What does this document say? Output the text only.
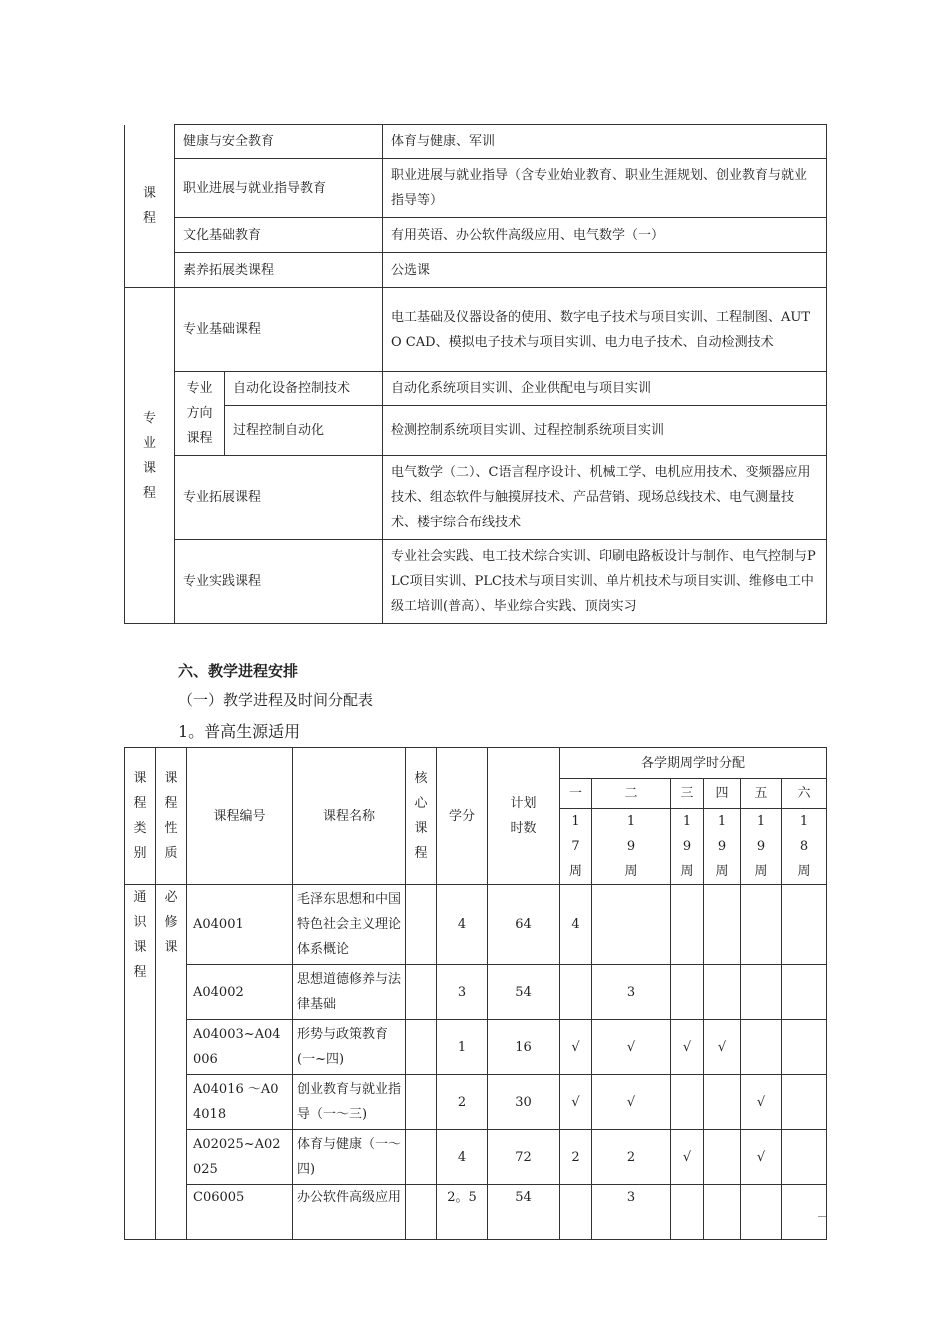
课程	健康与安全教育		体育与健康、军训
	职业进展与就业指导教育		职业进展与就业指导（含专业始业教育、职业生涯规划、创业教育与就业指导等）
	文化基础教育		有用英语、办公软件高级应用、电气数学（一）
	素养拓展类课程		公选课
专业课程	专业基础课程		电工基础及仪器设备的使用、数字电子技术与项目实训、工程制图、AUTO CAD、模拟电子技术与项目实训、电力电子技术、自动检测技术
	专业方向课程	自动化设备控制技术	自动化系统项目实训、企业供配电与项目实训
		过程控制自动化	检测控制系统项目实训、过程控制系统项目实训
	专业拓展课程		电气数学（二）、C语言程序设计、机械工学、电机应用技术、变频器应用技术、组态软件与触摸屏技术、产品营销、现场总线技术、电气测量技术、楼宇综合布线技术
	专业实践课程		专业社会实践、电工技术综合实训、印刷电路板设计与制作、电气控制与PLC项目实训、PLC技术与项目实训、单片机技术与项目实训、维修电工中级工培训(普高）、毕业综合实践、顶岗实习
六、教学进程安排
（一）教学进程及时间分配表
1。普高生源适用
课程类别	课程性质	课程编号	课程名称	核心课程	学分	计划时数	各学期周学时分配					
							一	二	三	四	五	六
							17周	19周	19周	19周	19周	18周
通识课程	必修课	A04001	毛泽东思想和中国特色社会主义理论体系概论		4	64	4					
		A04002	思想道德修养与法律基础		3	54		3				
		A04003~A04006	形势与政策教育(一~四)		1	16	√	√	√	√		
		A04016 ～A04018	创业教育与就业指导（一～三)		2	30	√	√			√	
		A02025~A02025	体育与健康（一～四)		4	72	2	2	√		√	
		C06005	办公软件高级应用		2。5	54		3				
